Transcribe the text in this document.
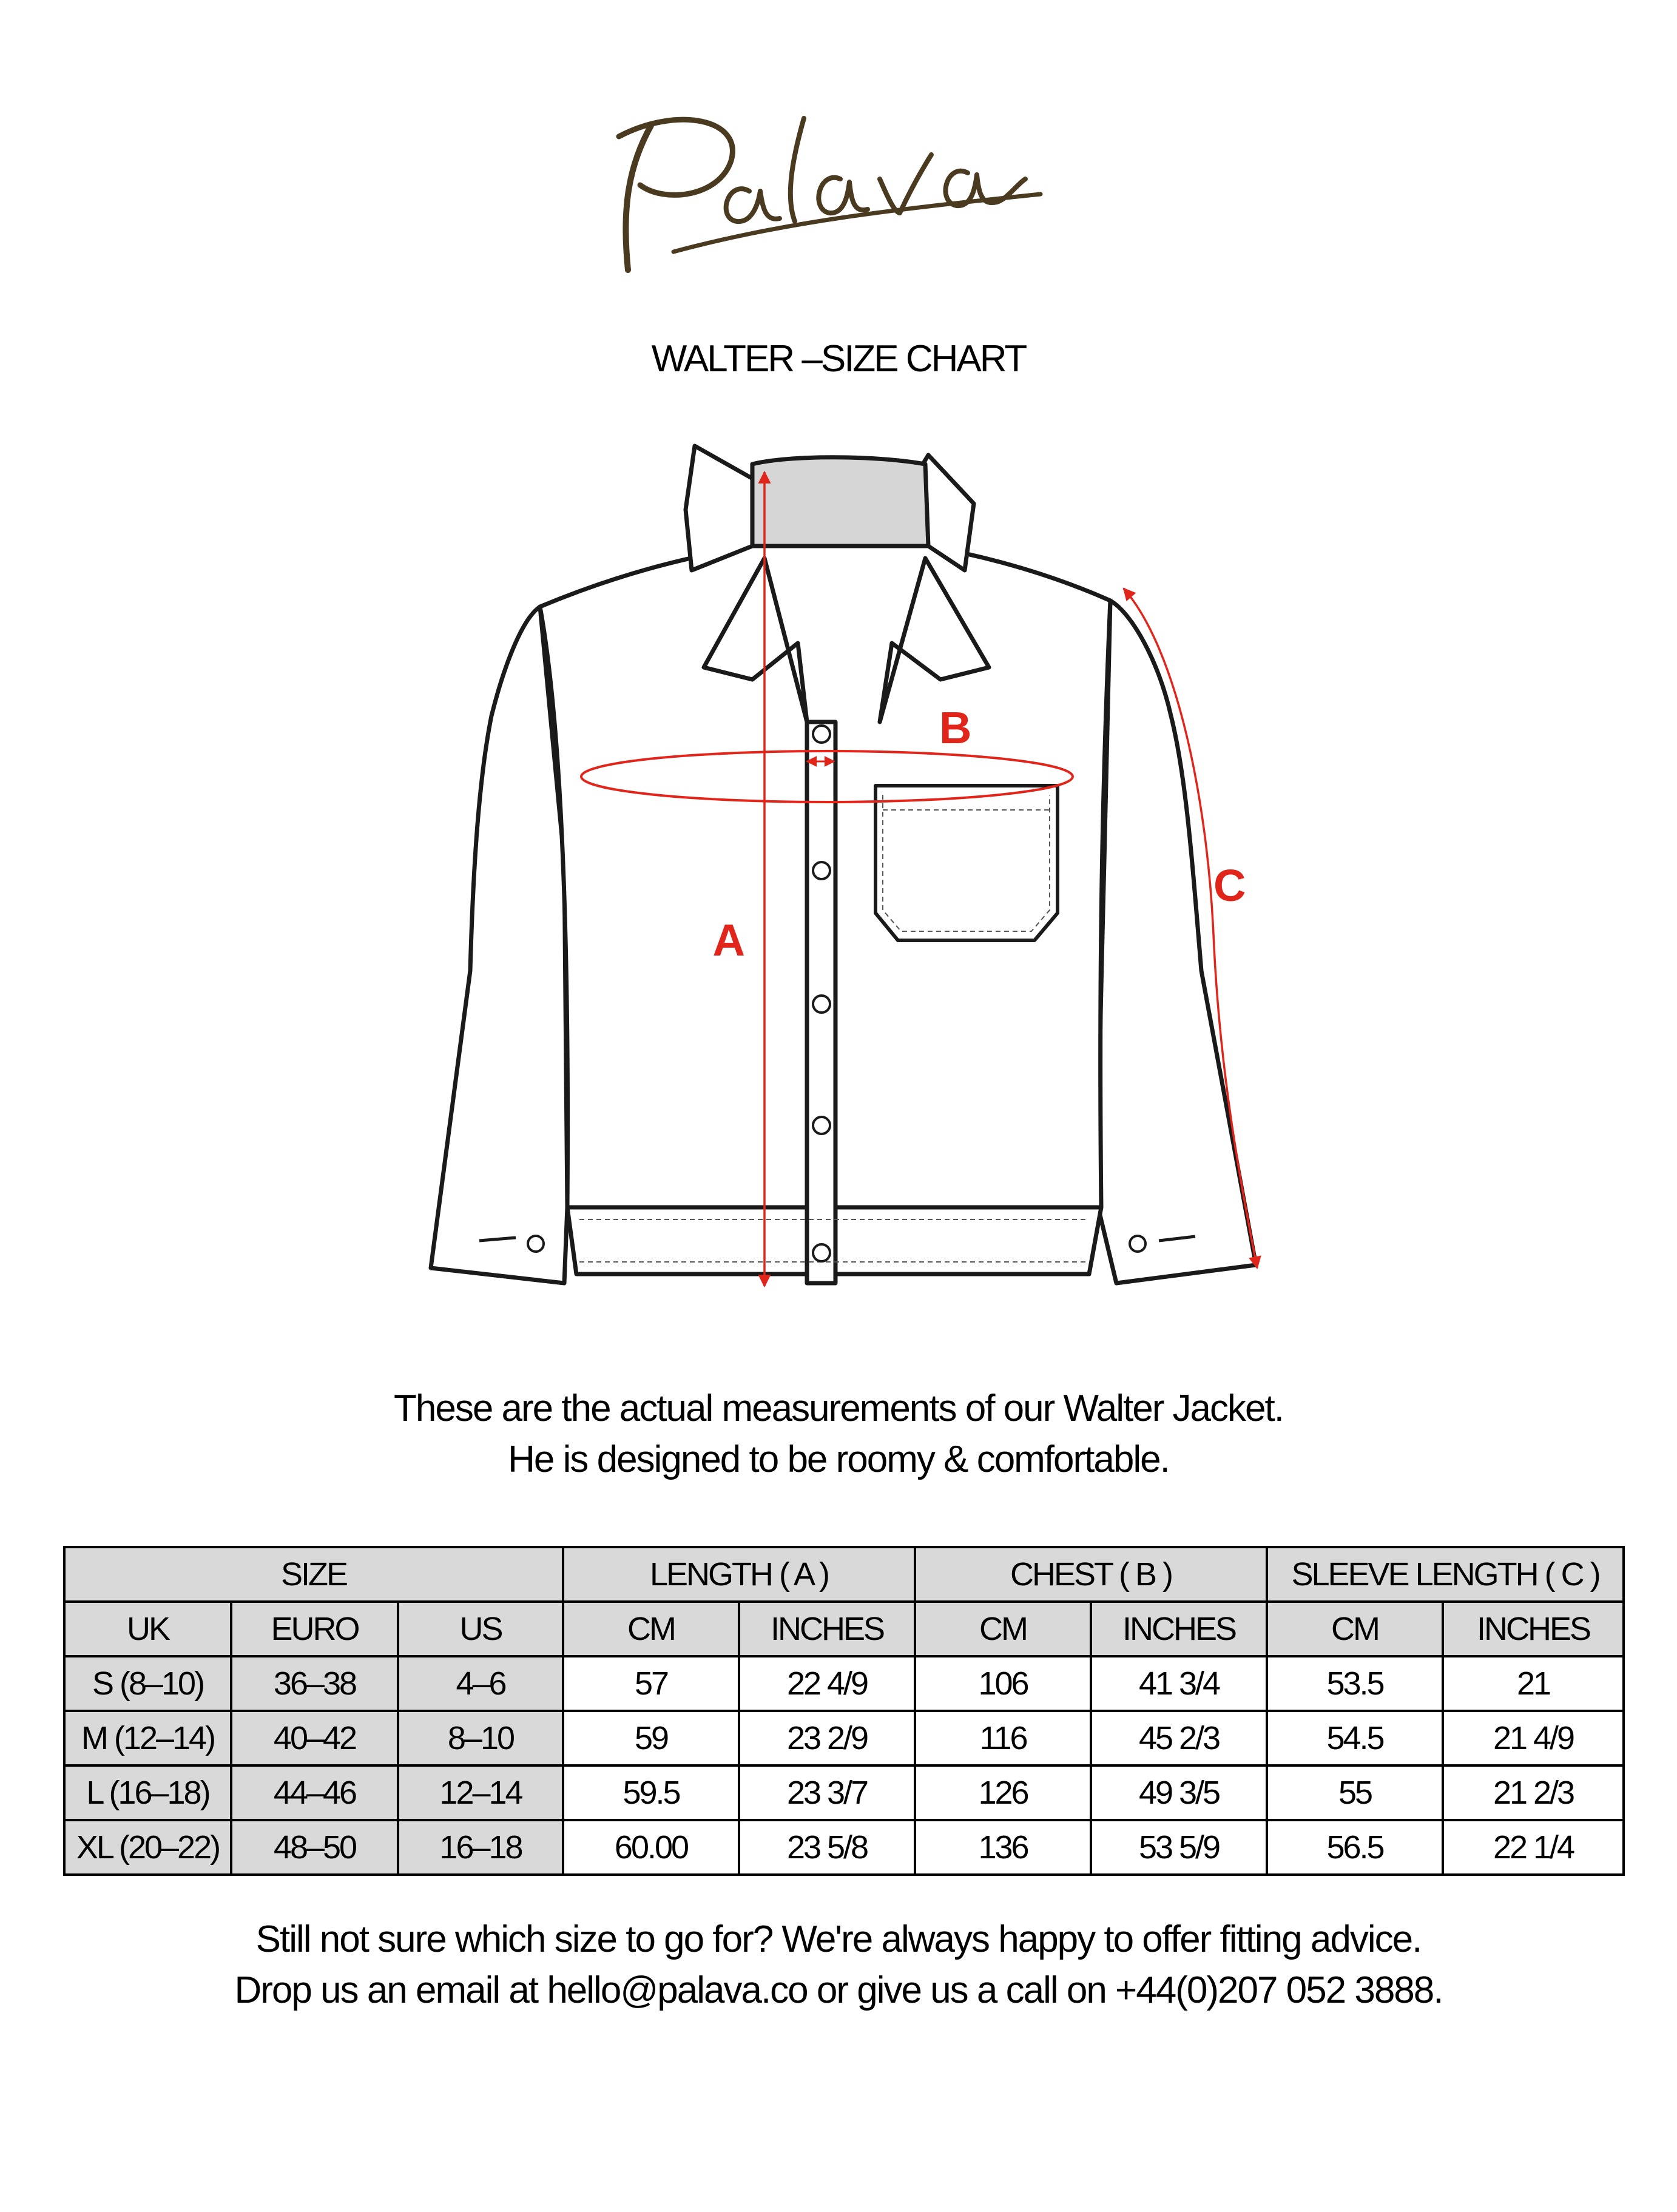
WALTER –SIZE CHART
A
B
C
These are the actual measurements of our Walter Jacket.
He is designed to be roomy & comfortable.
SIZE			LENGTH ( A )		CHEST ( B )		SLEEVE LENGTH ( C )	
UK	EURO	US	CM	INCHES	CM	INCHES	CM	INCHES
S (8–10)	36–38	4–6	57	22 4/9	106	41 3/4	53.5	21
M (12–14)	40–42	8–10	59	23 2/9	116	45 2/3	54.5	21 4/9
L (16–18)	44–46	12–14	59.5	23 3/7	126	49 3/5	55	21 2/3
XL (20–22)	48–50	16–18	60.00	23 5/8	136	53 5/9	56.5	22 1/4
Still not sure which size to go for? We're always happy to offer fitting advice.
Drop us an email at hello@palava.co or give us a call on +44(0)207 052 3888.
